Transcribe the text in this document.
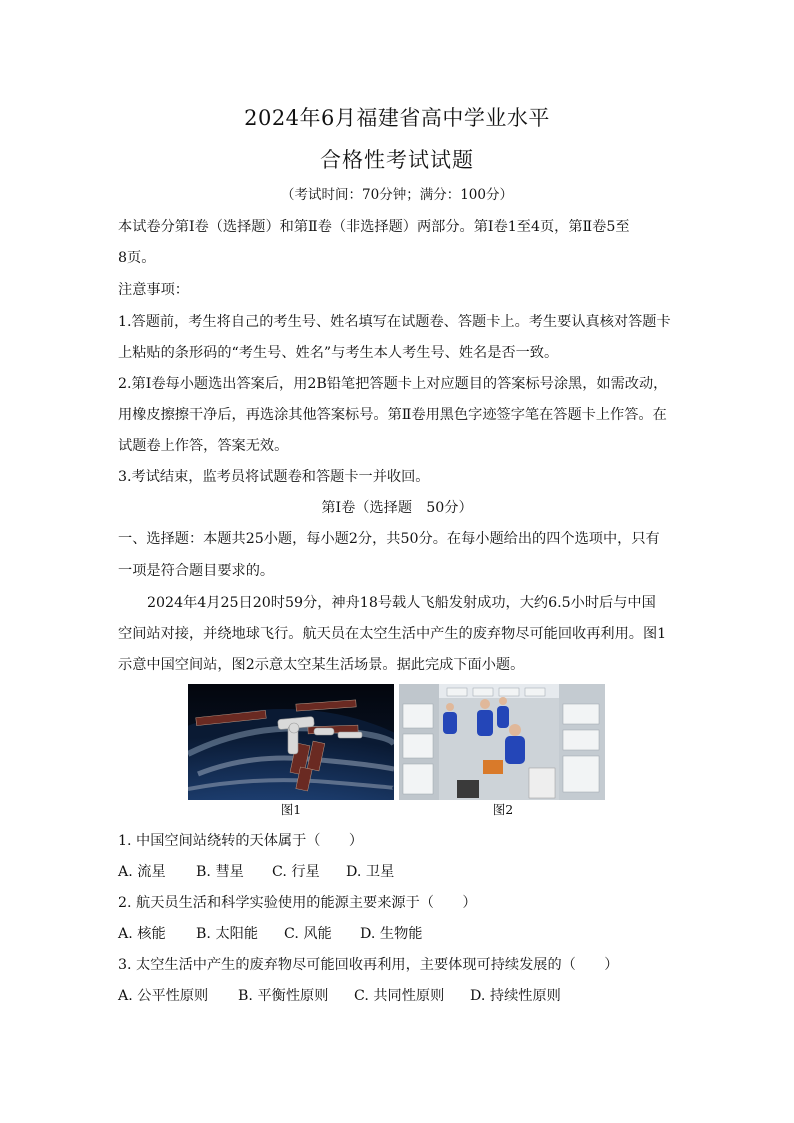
2024年6月福建省高中学业水平
合格性考试试题
（考试时间：70分钟；满分：100分）
本试卷分第Ⅰ卷（选择题）和第Ⅱ卷（非选择题）两部分。第Ⅰ卷1至4页，第Ⅱ卷5至
8页。
注意事项：
1.答题前，考生将自己的考生号、姓名填写在试题卷、答题卡上。考生要认真核对答题卡
上粘贴的条形码的“考生号、姓名”与考生本人考生号、姓名是否一致。
2.第Ⅰ卷每小题选出答案后，用2B铅笔把答题卡上对应题目的答案标号涂黑，如需改动，
用橡皮擦擦干净后，再选涂其他答案标号。第Ⅱ卷用黑色字迹签字笔在答题卡上作答。在
试题卷上作答，答案无效。
3.考试结束，监考员将试题卷和答题卡一并收回。
第Ⅰ卷（选择题　50分）
一、选择题：本题共25小题，每小题2分，共50分。在每小题给出的四个选项中，只有
一项是符合题目要求的。
2024年4月25日20时59分，神舟18号载人飞船发射成功，大约6.5小时后与中国
空间站对接，并绕地球飞行。航天员在太空生活中产生的废弃物尽可能回收再利用。图1
示意中国空间站，图2示意太空某生活场景。据此完成下面小题。
图1	图2
1. 中国空间站绕转的天体属于（　　）
A. 流星 B. 彗星 C. 行星 D. 卫星
2. 航天员生活和科学实验使用的能源主要来源于（　　）
A. 核能 B. 太阳能 C. 风能 D. 生物能
3. 太空生活中产生的废弃物尽可能回收再利用，主要体现可持续发展的（　　）
A. 公平性原则 B. 平衡性原则 C. 共同性原则 D. 持续性原则
